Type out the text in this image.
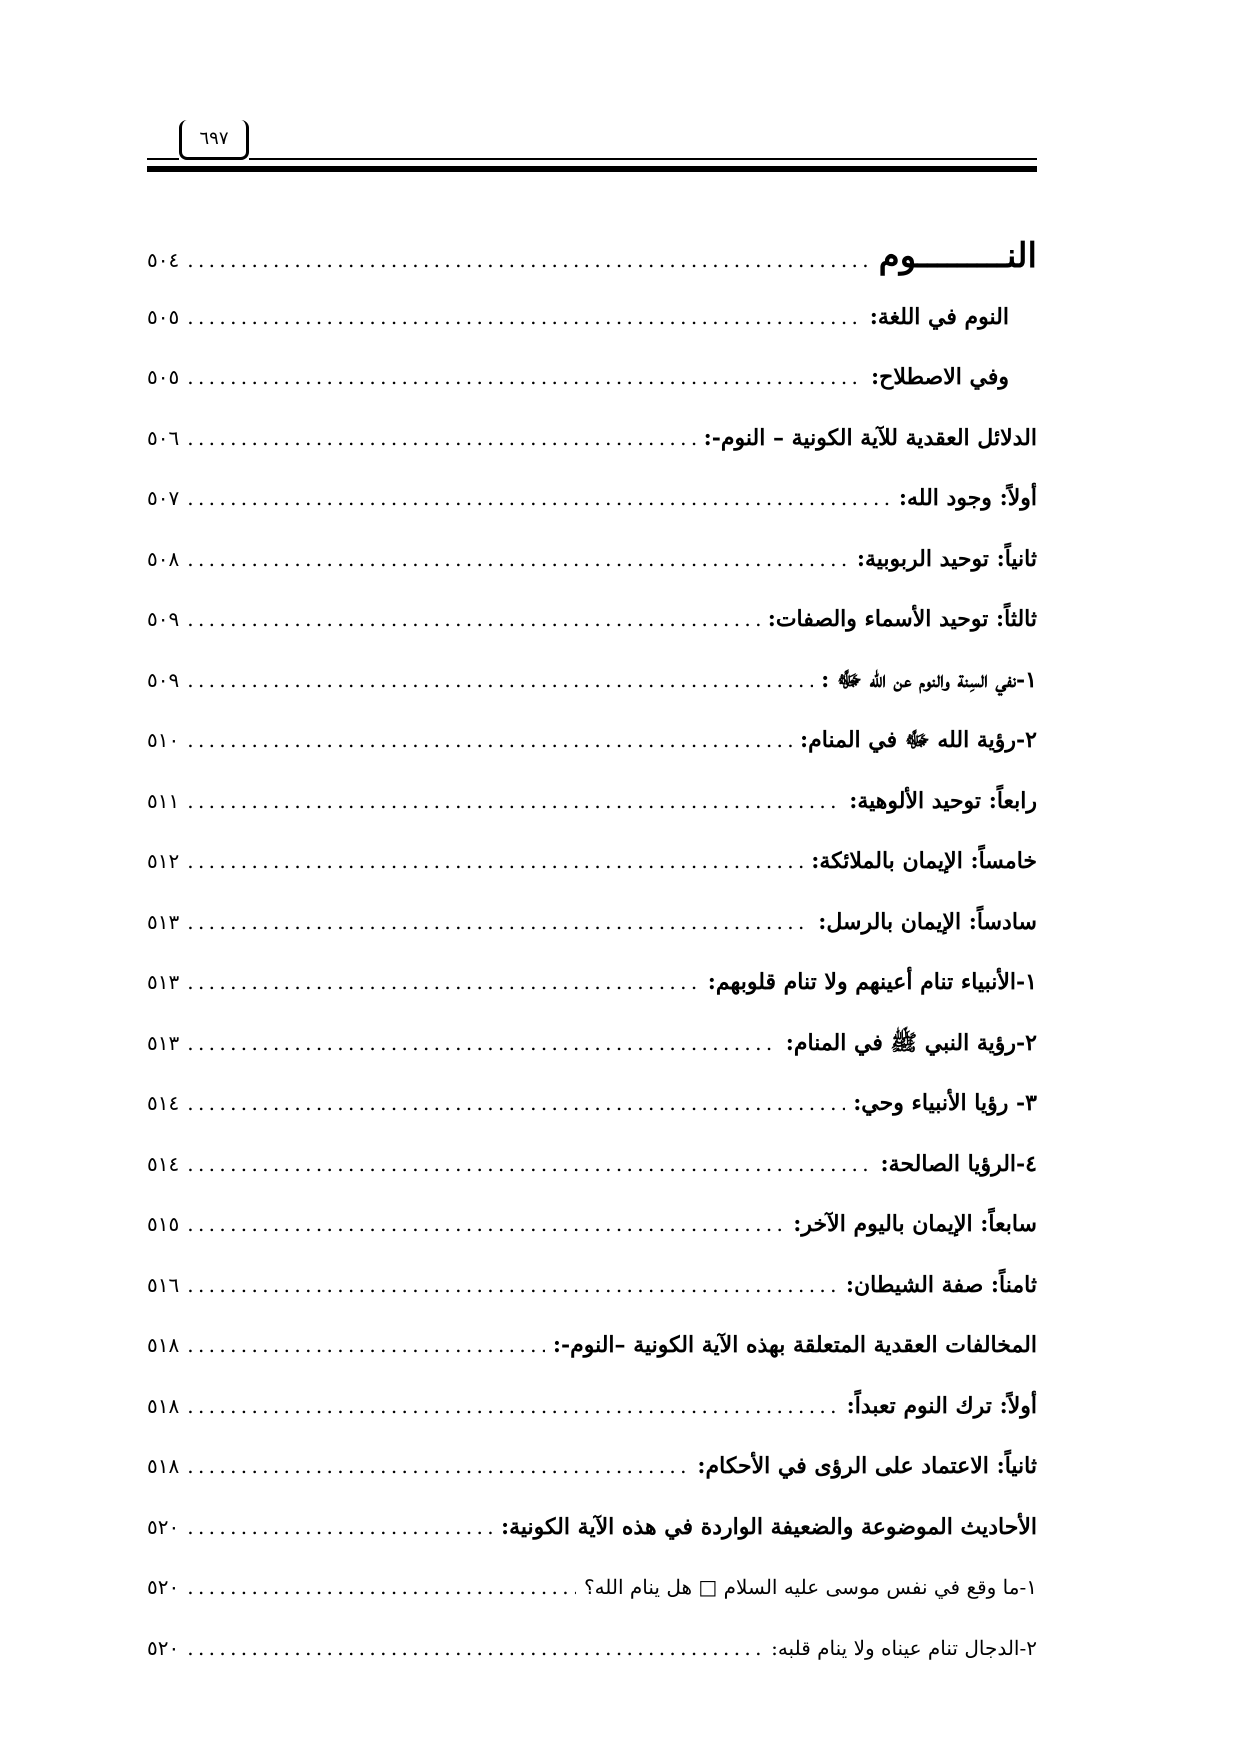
٦٩٧
النـــــــــوم
. . .
٥٠٤
النوم في اللغة:
. . .
٥٠٥
وفي الاصطلاح:
. . .
٥٠٥
الدلائل العقدية للآية الكونية – النوم-:
. . .
٥٠٦
أولاً: وجود الله:
. . .
٥٠٧
ثانياً: توحيد الربوبية:
. . .
٥٠٨
ثالثاً: توحيد الأسماء والصفات:
. . .
٥٠٩
١-نفي السِنة والنوم عن الله ﷻ :
. . .
٥٠٩
٢-رؤية الله ﷻ في المنام:
. . .
٥١٠
رابعاً: توحيد الألوهية:
. . .
٥١١
خامساً: الإيمان بالملائكة:
. . .
٥١٢
سادساً: الإيمان بالرسل:
. . .
٥١٣
١-الأنبياء تنام أعينهم ولا تنام قلوبهم:
. . .
٥١٣
٢-رؤية النبي ﷺ في المنام:
. . .
٥١٣
٣- رؤيا الأنبياء وحي:
. . .
٥١٤
٤-الرؤيا الصالحة:
. . .
٥١٤
سابعاً: الإيمان باليوم الآخر:
. . .
٥١٥
ثامناً: صفة الشيطان:
. . .
٥١٦
المخالفات العقدية المتعلقة بهذه الآية الكونية –النوم-:
. . .
٥١٨
أولاً: ترك النوم تعبداً:
. . .
٥١٨
ثانياً: الاعتماد على الرؤى في الأحكام:
. . .
٥١٨
الأحاديث الموضوعة والضعيفة الواردة في هذه الآية الكونية:
. . .
٥٢٠
١-ما وقع في نفس موسى عليه السلام □ هل ينام الله؟
. . .
٥٢٠
٢-الدجال تنام عيناه ولا ينام قلبه:
. . .
٥٢٠
